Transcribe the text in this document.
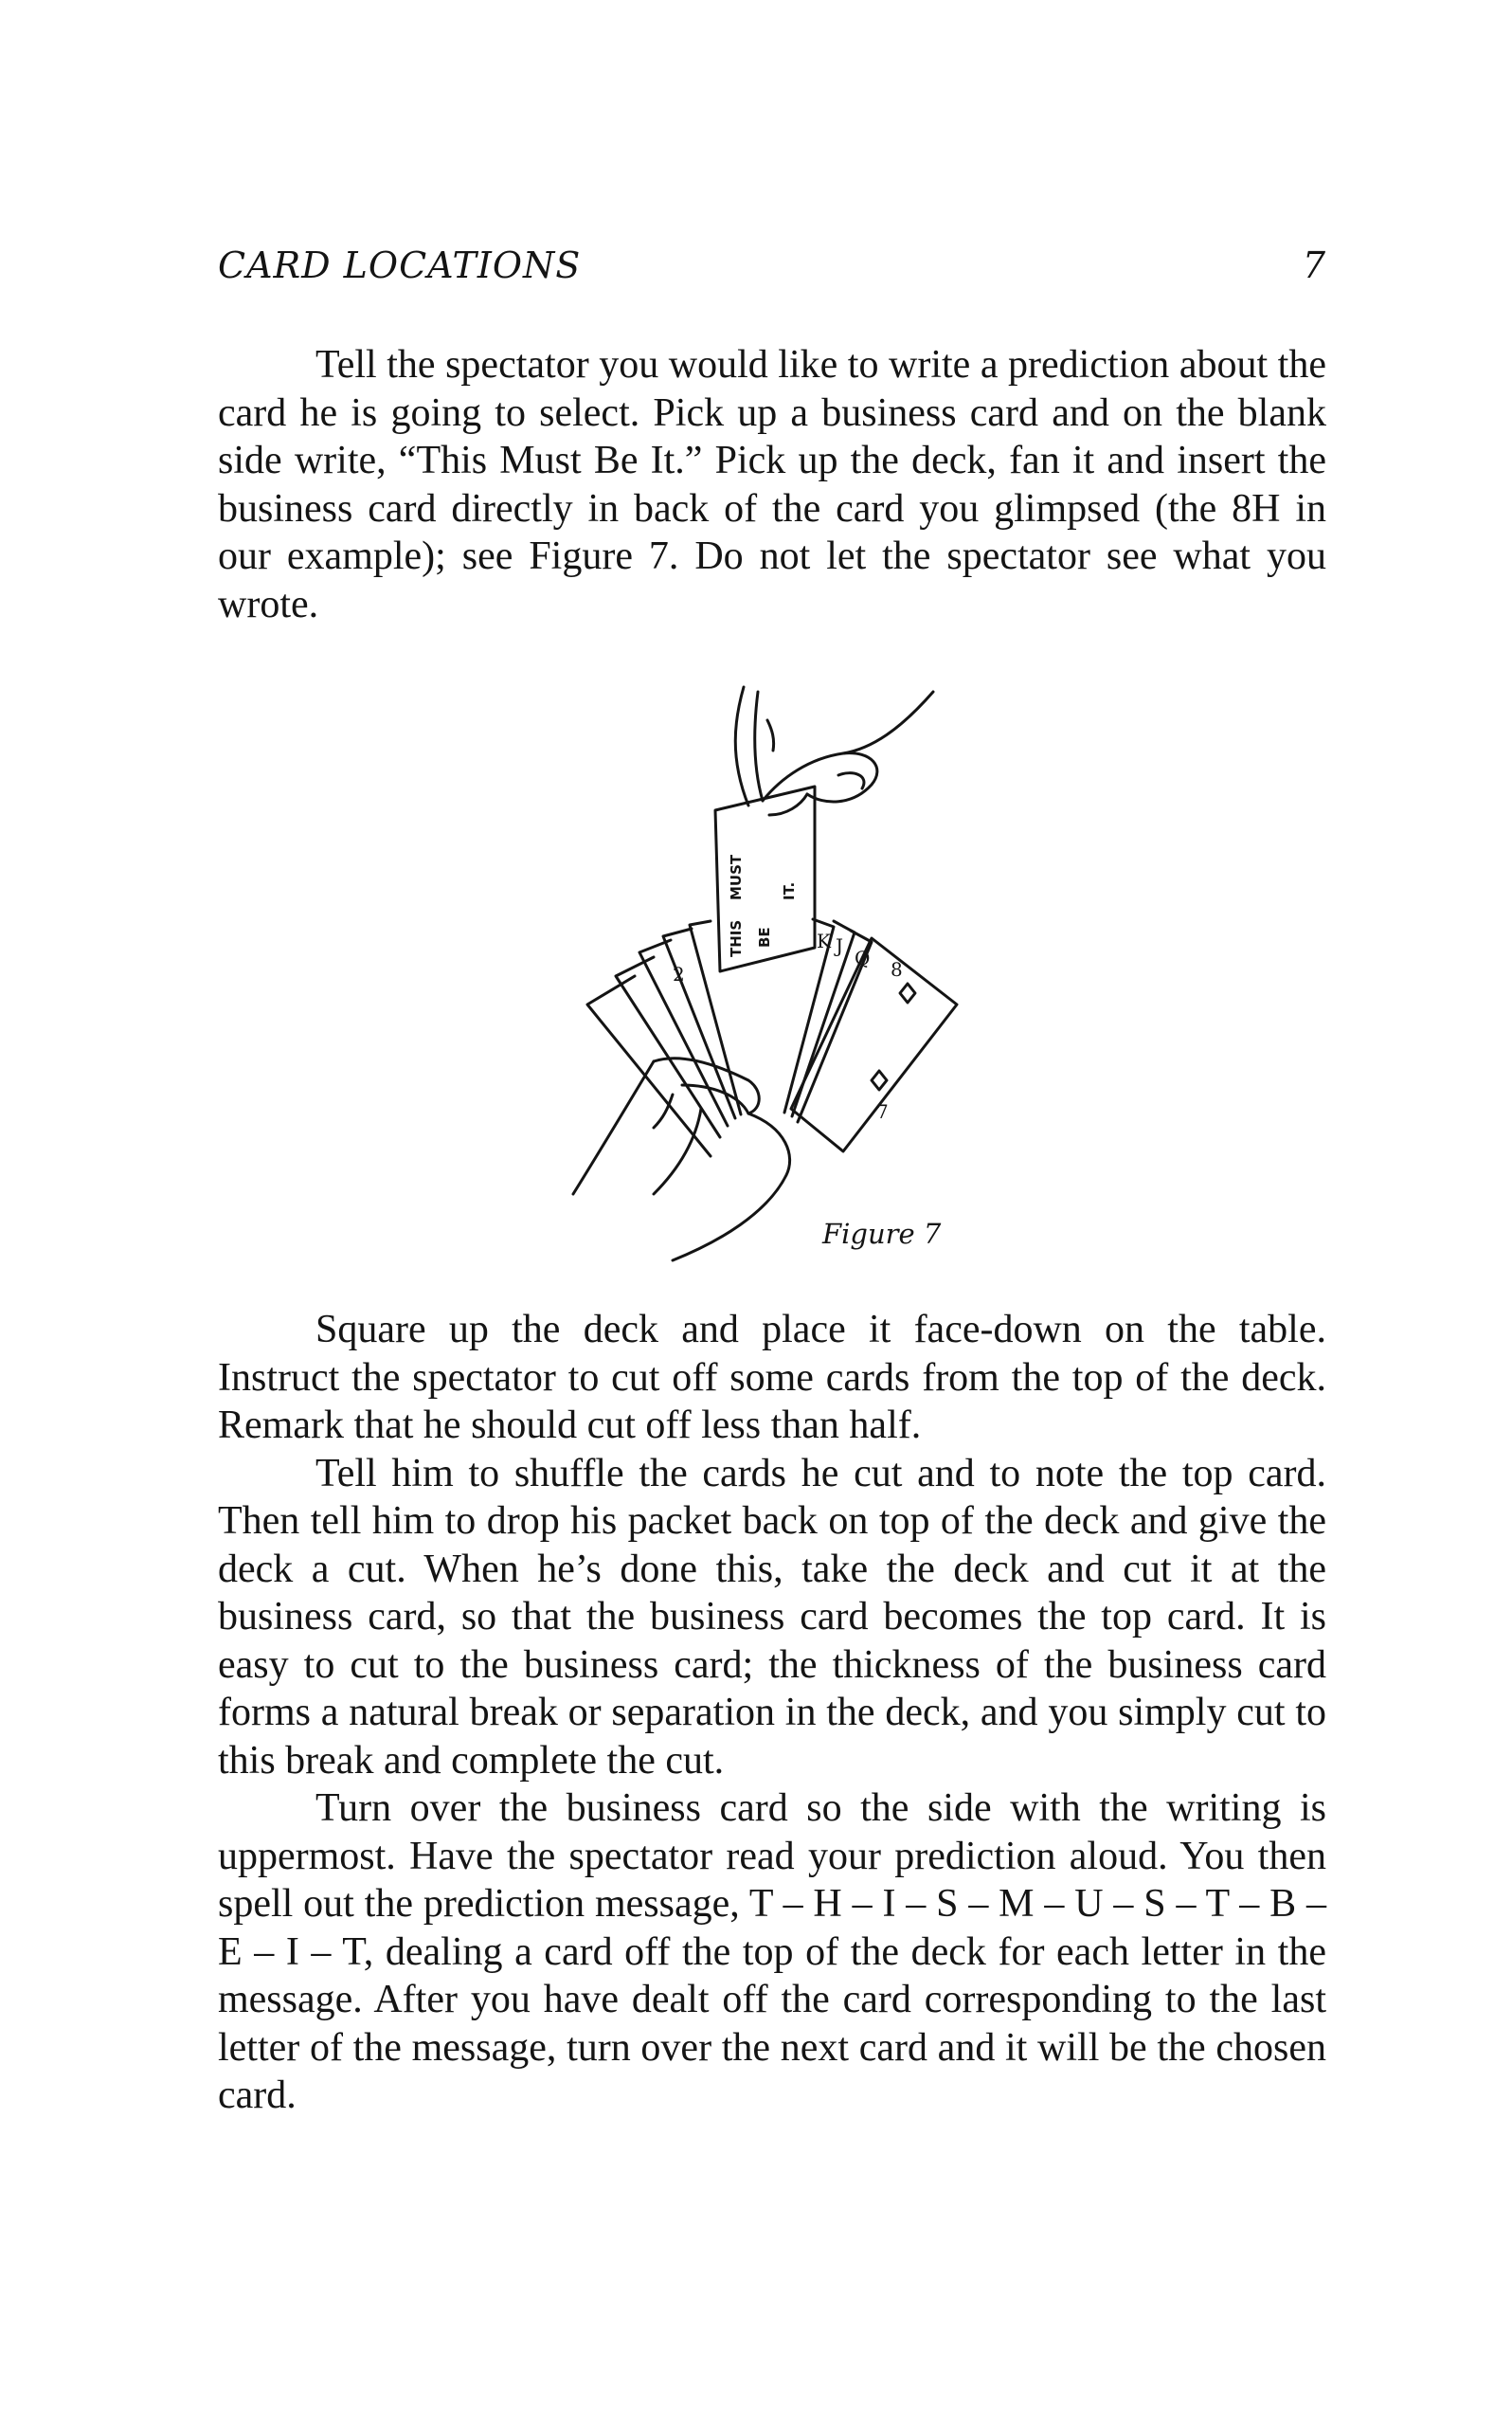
CARD LOCATIONS	7

Tell the spectator you would like to write a prediction about the card he is going to select. Pick up a business card and on the blank side write, “This Must Be It.” Pick up the deck, fan it and insert the business card directly in back of the card you glimpsed (the 8H in our example); see Figure 7. Do not let the spectator see what you wrote.

THIS
MUST
BE
IT.
K J
Q 8
2
7
Figure 7

Square up the deck and place it face-down on the table. Instruct the spectator to cut off some cards from the top of the deck. Remark that he should cut off less than half.

Tell him to shuffle the cards he cut and to note the top card. Then tell him to drop his packet back on top of the deck and give the deck a cut. When he’s done this, take the deck and cut it at the business card, so that the business card becomes the top card. It is easy to cut to the business card; the thickness of the business card forms a natural break or separation in the deck, and you simply cut to this break and complete the cut.

Turn over the business card so the side with the writing is uppermost. Have the spectator read your prediction aloud. You then spell out the prediction message, T – H – I – S – M – U – S – T – B – E – I – T, dealing a card off the top of the deck for each letter in the message. After you have dealt off the card corresponding to the last letter of the message, turn over the next card and it will be the chosen card.
